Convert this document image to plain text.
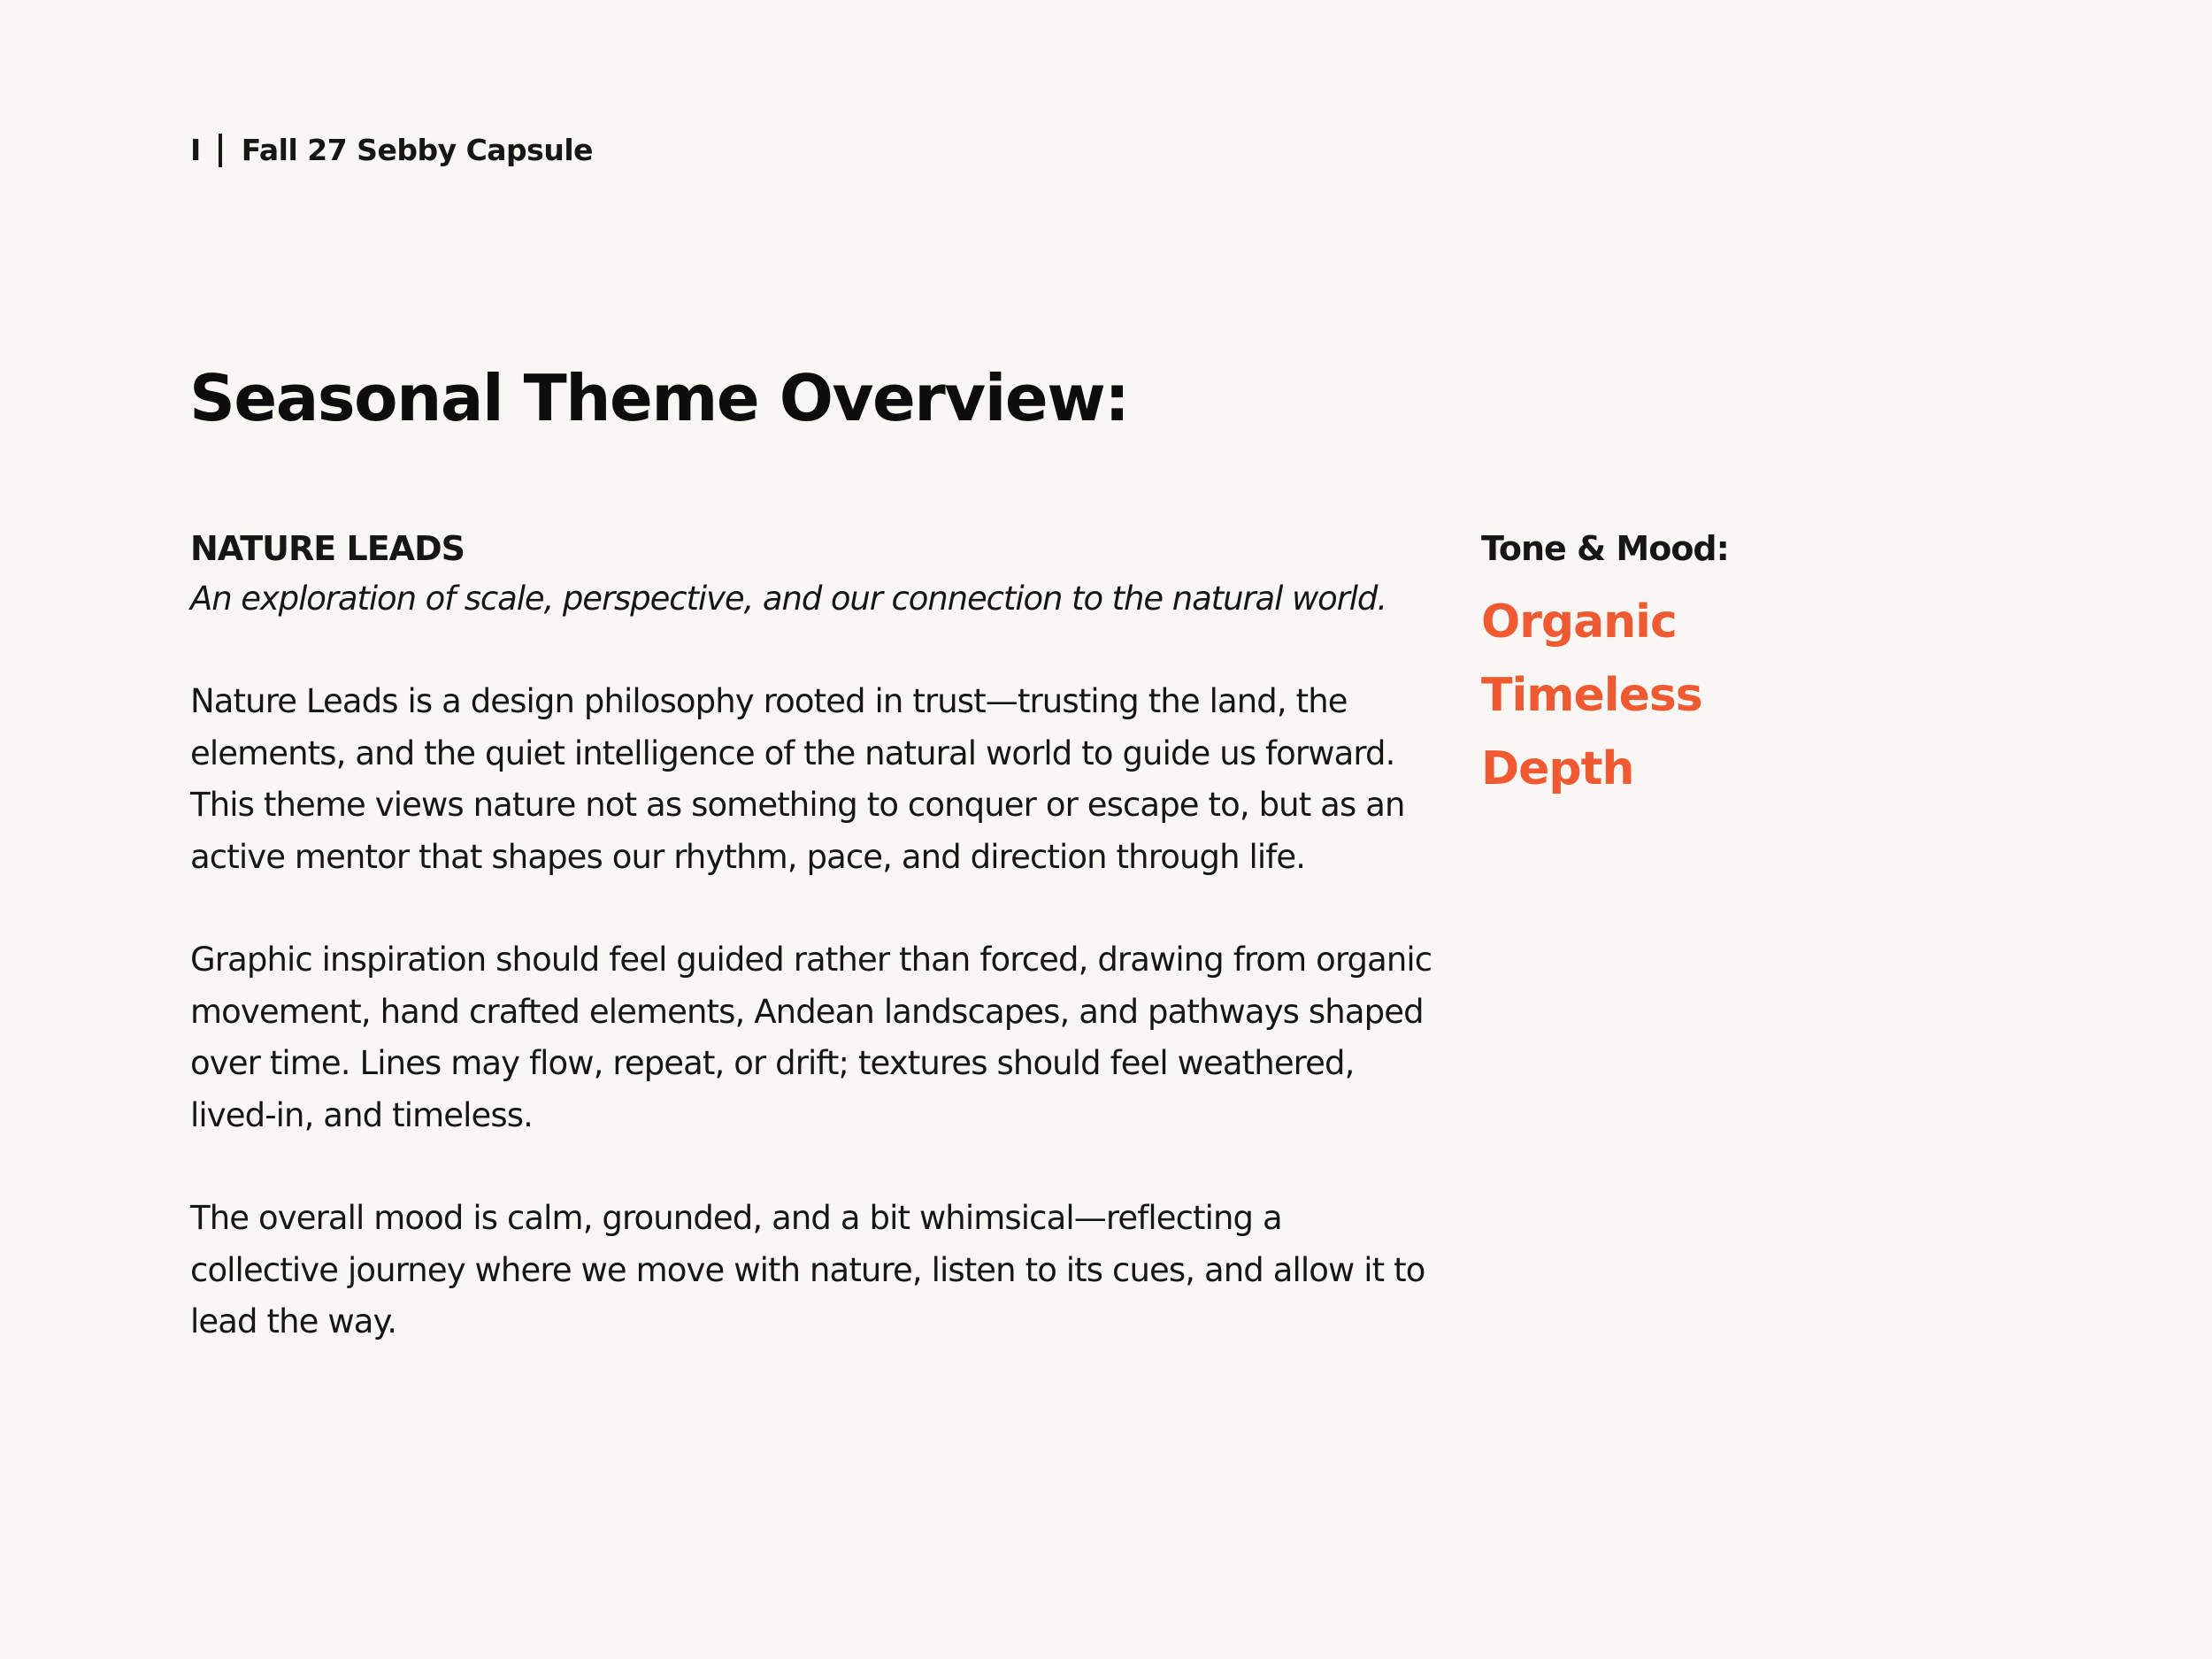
I Fall 27 Sebby Capsule
Seasonal Theme Overview:
NATURE LEADS

An exploration of scale, perspective, and our connection to the natural world.

Nature Leads is a design philosophy rooted in trust—trusting the land, the elements, and the quiet intelligence of the natural world to guide us forward. This theme views nature not as something to conquer or escape to, but as an active mentor that shapes our rhythm, pace, and direction through life.

Graphic inspiration should feel guided rather than forced, drawing from organic movement, hand crafted elements, Andean landscapes, and pathways shaped over time. Lines may flow, repeat, or drift; textures should feel weathered, lived-in, and timeless.

The overall mood is calm, grounded, and a bit whimsical—reflecting a collective journey where we move with nature, listen to its cues, and allow it to lead the way.

Tone & Mood:
Organic
Timeless
Depth
